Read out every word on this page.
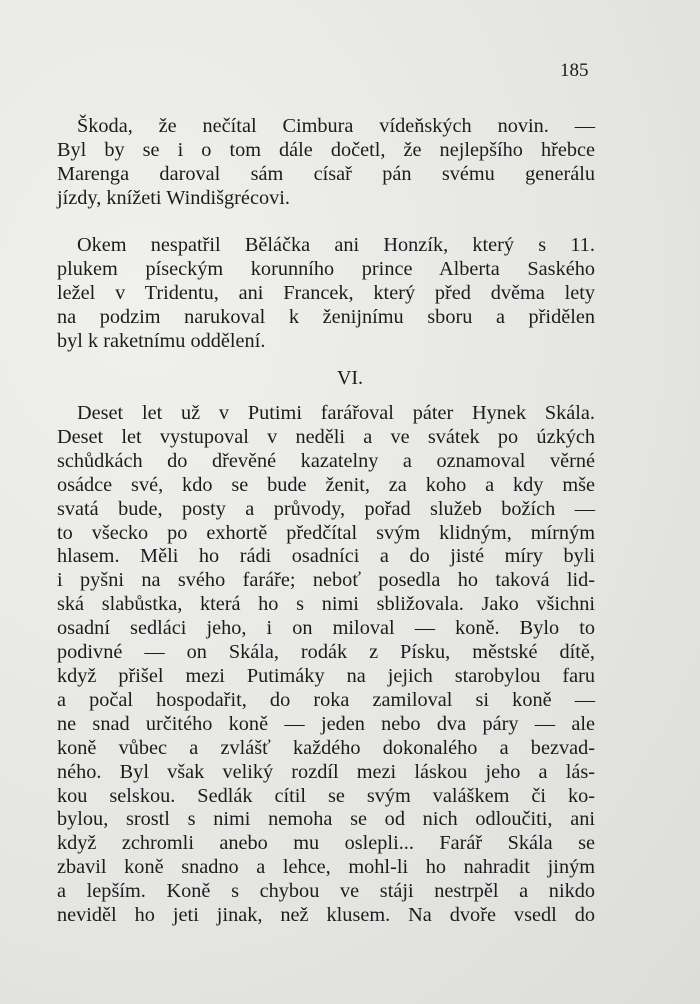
185
Škoda, že nečítal Cimbura vídeňských novin. —
Byl by se i o tom dále dočetl, že nejlepšího hřebce
Marenga daroval sám císař pán svému generálu
jízdy, knížeti Windišgrécovi.
Okem nespatřil Běláčka ani Honzík, který s 11.
plukem píseckým korunního prince Alberta Saského
ležel v Tridentu, ani Francek, který před dvěma lety
na podzim narukoval k ženijnímu sboru a přidělen
byl k raketnímu oddělení.
VI.
Deset let už v Putimi farářoval páter Hynek Skála.
Deset let vystupoval v neděli a ve svátek po úzkých
schůdkách do dřevěné kazatelny a oznamoval věrné
osádce své, kdo se bude ženit, za koho a kdy mše
svatá bude, posty a průvody, pořad služeb božích —
to všecko po exhortě předčítal svým klidným, mírným
hlasem. Měli ho rádi osadníci a do jisté míry byli
i pyšni na svého faráře; neboť posedla ho taková lid-
ská slabůstka, která ho s nimi sbližovala. Jako všichni
osadní sedláci jeho, i on miloval — koně. Bylo to
podivné — on Skála, rodák z Písku, městské dítě,
když přišel mezi Putimáky na jejich starobylou faru
a počal hospodařit, do roka zamiloval si koně —
ne snad určitého koně — jeden nebo dva páry — ale
koně vůbec a zvlášť každého dokonalého a bezvad-
ného. Byl však veliký rozdíl mezi láskou jeho a lás-
kou selskou. Sedlák cítil se svým valáškem či ko-
bylou, srostl s nimi nemoha se od nich odloučiti, ani
když zchromli anebo mu oslepli... Farář Skála se
zbavil koně snadno a lehce, mohl-li ho nahradit jiným
a lepším. Koně s chybou ve stáji nestrpěl a nikdo
neviděl ho jeti jinak, než klusem. Na dvoře vsedl do
